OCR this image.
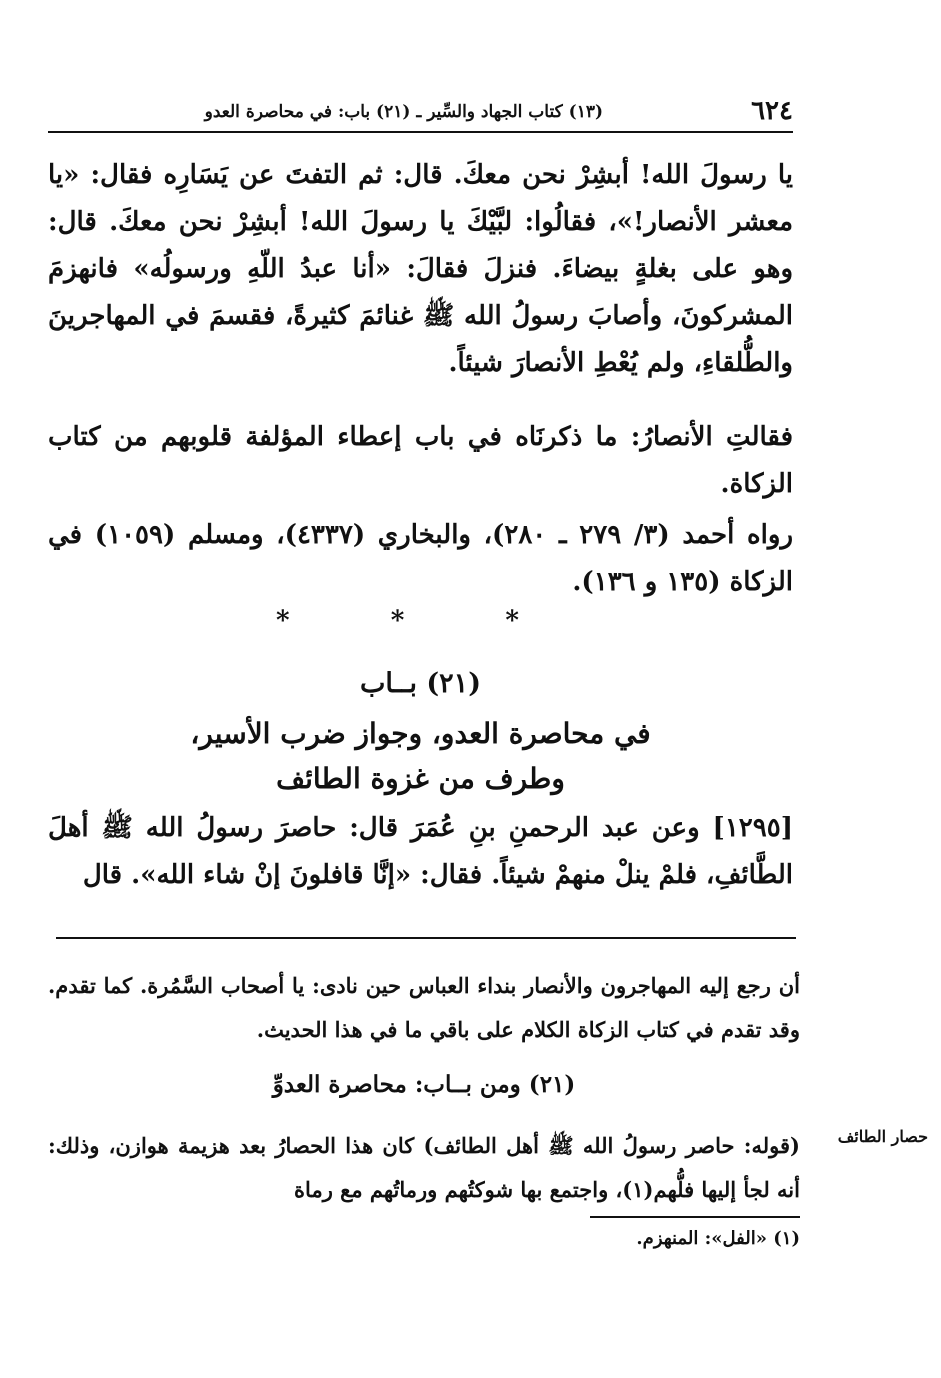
٦٢٤
(١٣) كتاب الجهاد والسِّير ـ (٢١) باب: في محاصرة العدو
يا رسولَ الله! أبشِرْ نحن معكَ. قال: ثم التفتَ عن يَسَارِه فقال: «يا معشر الأنصار!»، فقالُوا: لبَّيْكَ يا رسولَ الله! أبشِرْ نحن معكَ. قال: وهو على بغلةٍ بيضاءَ. فنزلَ فقالَ: «أنا عبدُ اللّهِ ورسولُه» فانهزمَ المشركونَ، وأصابَ رسولُ الله ﷺ غنائمَ كثيرةً، فقسمَ في المهاجرينَ والطُّلقاءِ، ولم يُعْطِ الأنصارَ شيئاً.
فقالتِ الأنصارُ: ما ذكرنَاه في باب إعطاء المؤلفة قلوبهم من كتاب الزكاة.
رواه أحمد (٣/ ٢٧٩ ـ ٢٨٠)، والبخاري (٤٣٣٧)، ومسلم (١٠٥٩) في الزكاة (١٣٥ و ١٣٦).
* * *
(٢١) بــاب
في محاصرة العدو، وجواز ضرب الأسير،
وطرف من غزوة الطائف
[١٢٩٥] وعن عبد الرحمنِ بنِ عُمَرَ قال: حاصرَ رسولُ الله ﷺ أهلَ الطَّائفِ، فلمْ ينلْ منهمْ شيئاً. فقال: «إنَّا قافلونَ إنْ شاء الله». قال
أن رجع إليه المهاجرون والأنصار بنداء العباس حين نادى: يا أصحاب السَّمُرة. كما تقدم. وقد تقدم في كتاب الزكاة الكلام على باقي ما في هذا الحديث.
(٢١) ومن بــاب: محاصرة العدوِّ
حصار الطائف
(قوله: حاصر رسولُ الله ﷺ أهل الطائف) كان هذا الحصارُ بعد هزيمة هوازن، وذلك: أنه لجأ إليها فلُّهم(١)، واجتمع بها شوكتُهم ورماتُهم مع رماة
(١) «الفل»: المنهزم.
